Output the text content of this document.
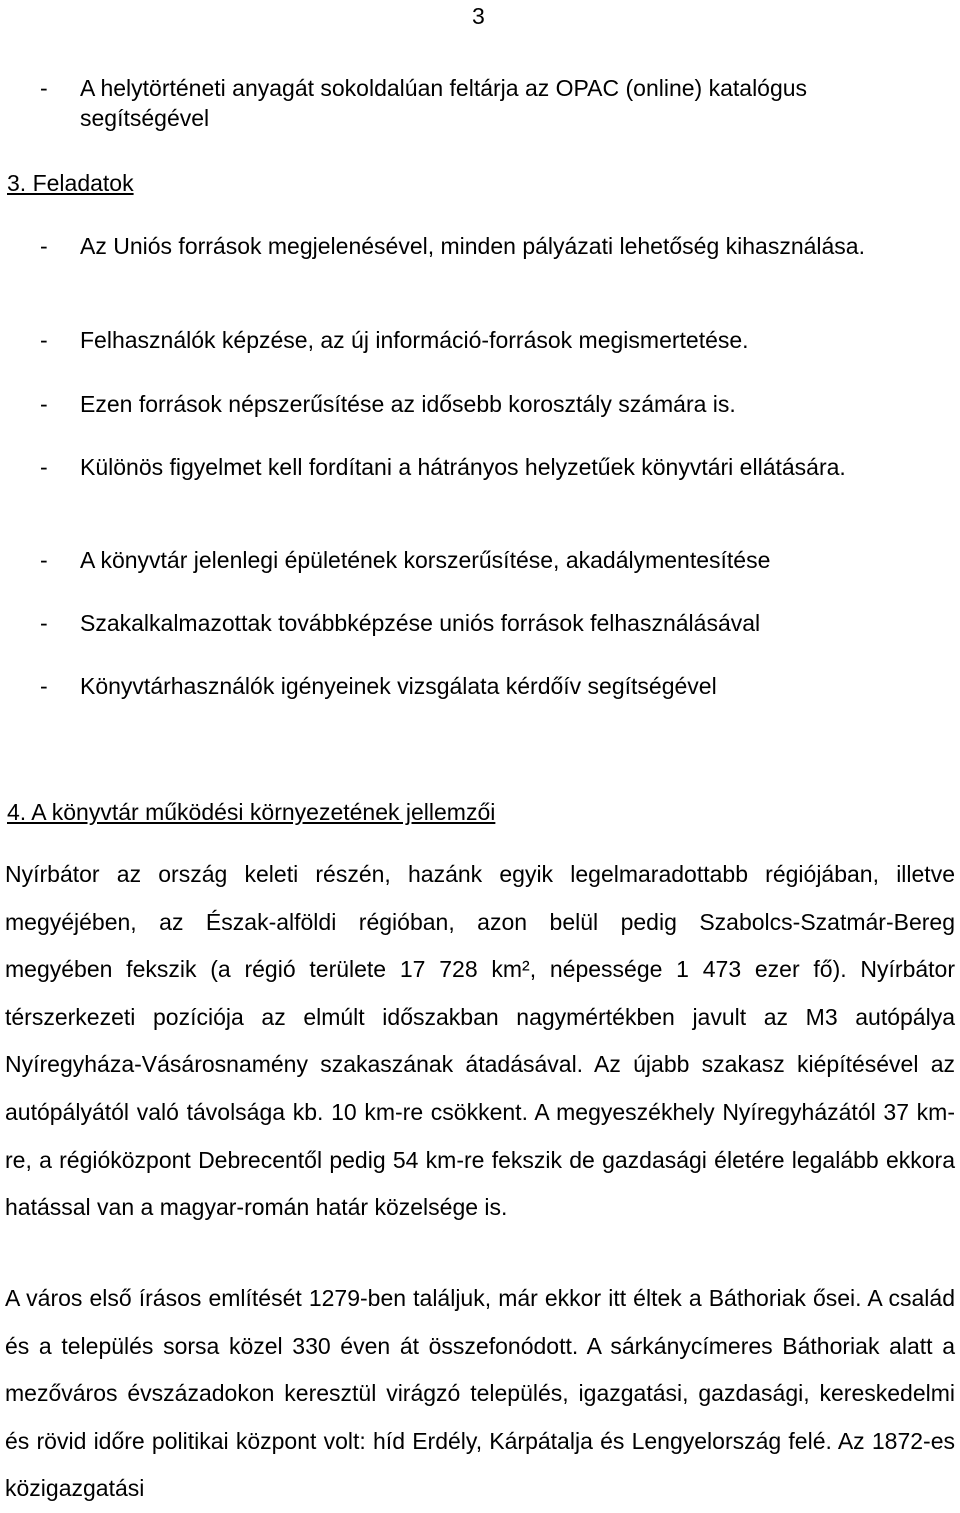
3
- A helytörténeti anyagát sokoldalúan feltárja az OPAC (online) katalógus segítségével
3. Feladatok
- Az Uniós források megjelenésével, minden pályázati lehetőség kihasználása.
- Felhasználók képzése, az új információ-források megismertetése.
- Ezen források népszerűsítése az idősebb korosztály számára is.
- Különös figyelmet kell fordítani a hátrányos helyzetűek könyvtári ellátására.
- A könyvtár jelenlegi épületének korszerűsítése, akadálymentesítése
- Szakalkalmazottak továbbképzése uniós források felhasználásával
- Könyvtárhasználók igényeinek vizsgálata kérdőív segítségével
4. A könyvtár működési környezetének jellemzői

Nyírbátor az ország keleti részén, hazánk egyik legelmaradottabb régiójában, illetve megyéjében, az Észak-alföldi régióban, azon belül pedig Szabolcs-Szatmár-Bereg megyében fekszik (a régió területe 17 728 km², népessége 1 473 ezer fő). Nyírbátor térszerkezeti pozíciója az elmúlt időszakban nagymértékben javult az M3 autópálya Nyíregyháza-Vásárosnamény szakaszának átadásával. Az újabb szakasz kiépítésével az autópályától való távolsága kb. 10 km-re csökkent. A megyeszékhely Nyíregyházától 37 km-re, a régióközpont Debrecentől pedig 54 km-re fekszik de gazdasági életére legalább ekkora hatással van a magyar-román határ közelsége is.

A város első írásos említését 1279-ben találjuk, már ekkor itt éltek a Báthoriak ősei. A család és a település sorsa közel 330 éven át összefonódott. A sárkánycímeres Báthoriak alatt a mezőváros évszázadokon keresztül virágzó település, igazgatási, gazdasági, kereskedelmi és rövid időre politikai központ volt: híd Erdély, Kárpátalja és Lengyelország felé. Az 1872-es közigazgatási
